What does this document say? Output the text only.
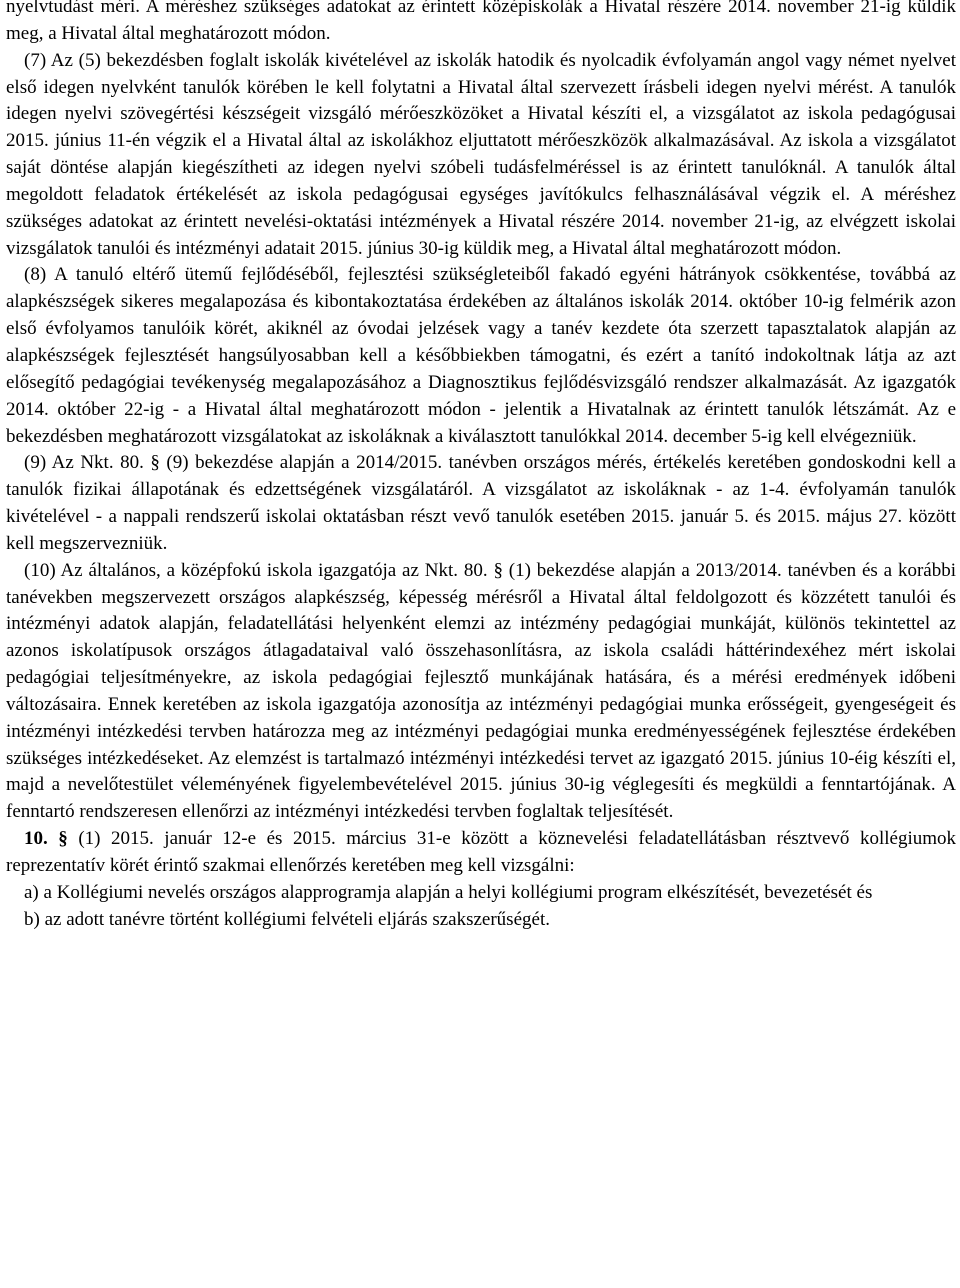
nyelvtudást méri. A méréshez szükséges adatokat az érintett középiskolák a Hivatal részére 2014. november 21-ig küldik meg, a Hivatal által meghatározott módon.

(7) Az (5) bekezdésben foglalt iskolák kivételével az iskolák hatodik és nyolcadik évfolyamán angol vagy német nyelvet első idegen nyelvként tanulók körében le kell folytatni a Hivatal által szervezett írásbeli idegen nyelvi mérést. A tanulók idegen nyelvi szövegértési készségeit vizsgáló mérőeszközöket a Hivatal készíti el, a vizsgálatot az iskola pedagógusai 2015. június 11-én végzik el a Hivatal által az iskolákhoz eljuttatott mérőeszközök alkalmazásával. Az iskola a vizsgálatot saját döntése alapján kiegészítheti az idegen nyelvi szóbeli tudásfelméréssel is az érintett tanulóknál. A tanulók által megoldott feladatok értékelését az iskola pedagógusai egységes javítókulcs felhasználásával végzik el. A méréshez szükséges adatokat az érintett nevelési-oktatási intézmények a Hivatal részére 2014. november 21-ig, az elvégzett iskolai vizsgálatok tanulói és intézményi adatait 2015. június 30-ig küldik meg, a Hivatal által meghatározott módon.

(8) A tanuló eltérő ütemű fejlődéséből, fejlesztési szükségleteiből fakadó egyéni hátrányok csökkentése, továbbá az alapkészségek sikeres megalapozása és kibontakoztatása érdekében az általános iskolák 2014. október 10-ig felmérik azon első évfolyamos tanulóik körét, akiknél az óvodai jelzések vagy a tanév kezdete óta szerzett tapasztalatok alapján az alapkészségek fejlesztését hangsúlyosabban kell a későbbiekben támogatni, és ezért a tanító indokoltnak látja az azt elősegítő pedagógiai tevékenység megalapozásához a Diagnosztikus fejlődésvizsgáló rendszer alkalmazását. Az igazgatók 2014. október 22-ig - a Hivatal által meghatározott módon - jelentik a Hivatalnak az érintett tanulók létszámát. Az e bekezdésben meghatározott vizsgálatokat az iskoláknak a kiválasztott tanulókkal 2014. december 5-ig kell elvégezniük.

(9) Az Nkt. 80. § (9) bekezdése alapján a 2014/2015. tanévben országos mérés, értékelés keretében gondoskodni kell a tanulók fizikai állapotának és edzettségének vizsgálatáról. A vizsgálatot az iskoláknak - az 1-4. évfolyamán tanulók kivételével - a nappali rendszerű iskolai oktatásban részt vevő tanulók esetében 2015. január 5. és 2015. május 27. között kell megszervezniük.

(10) Az általános, a középfokú iskola igazgatója az Nkt. 80. § (1) bekezdése alapján a 2013/2014. tanévben és a korábbi tanévekben megszervezett országos alapkészség, képesség mérésről a Hivatal által feldolgozott és közzétett tanulói és intézményi adatok alapján, feladatellátási helyenként elemzi az intézmény pedagógiai munkáját, különös tekintettel az azonos iskolatípusok országos átlagadataival való összehasonlításra, az iskola családi háttérindexéhez mért iskolai pedagógiai teljesítményekre, az iskola pedagógiai fejlesztő munkájának hatására, és a mérési eredmények időbeni változásaira. Ennek keretében az iskola igazgatója azonosítja az intézményi pedagógiai munka erősségeit, gyengeségeit és intézményi intézkedési tervben határozza meg az intézményi pedagógiai munka eredményességének fejlesztése érdekében szükséges intézkedéseket. Az elemzést is tartalmazó intézményi intézkedési tervet az igazgató 2015. június 10-éig készíti el, majd a nevelőtestület véleményének figyelembevételével 2015. június 30-ig véglegesíti és megküldi a fenntartójának. A fenntartó rendszeresen ellenőrzi az intézményi intézkedési tervben foglaltak teljesítését.

10. § (1) 2015. január 12-e és 2015. március 31-e között a köznevelési feladatellátásban résztvevő kollégiumok reprezentatív körét érintő szakmai ellenőrzés keretében meg kell vizsgálni:

a) a Kollégiumi nevelés országos alapprogramja alapján a helyi kollégiumi program elkészítését, bevezetését és

b) az adott tanévre történt kollégiumi felvételi eljárás szakszerűségét.
